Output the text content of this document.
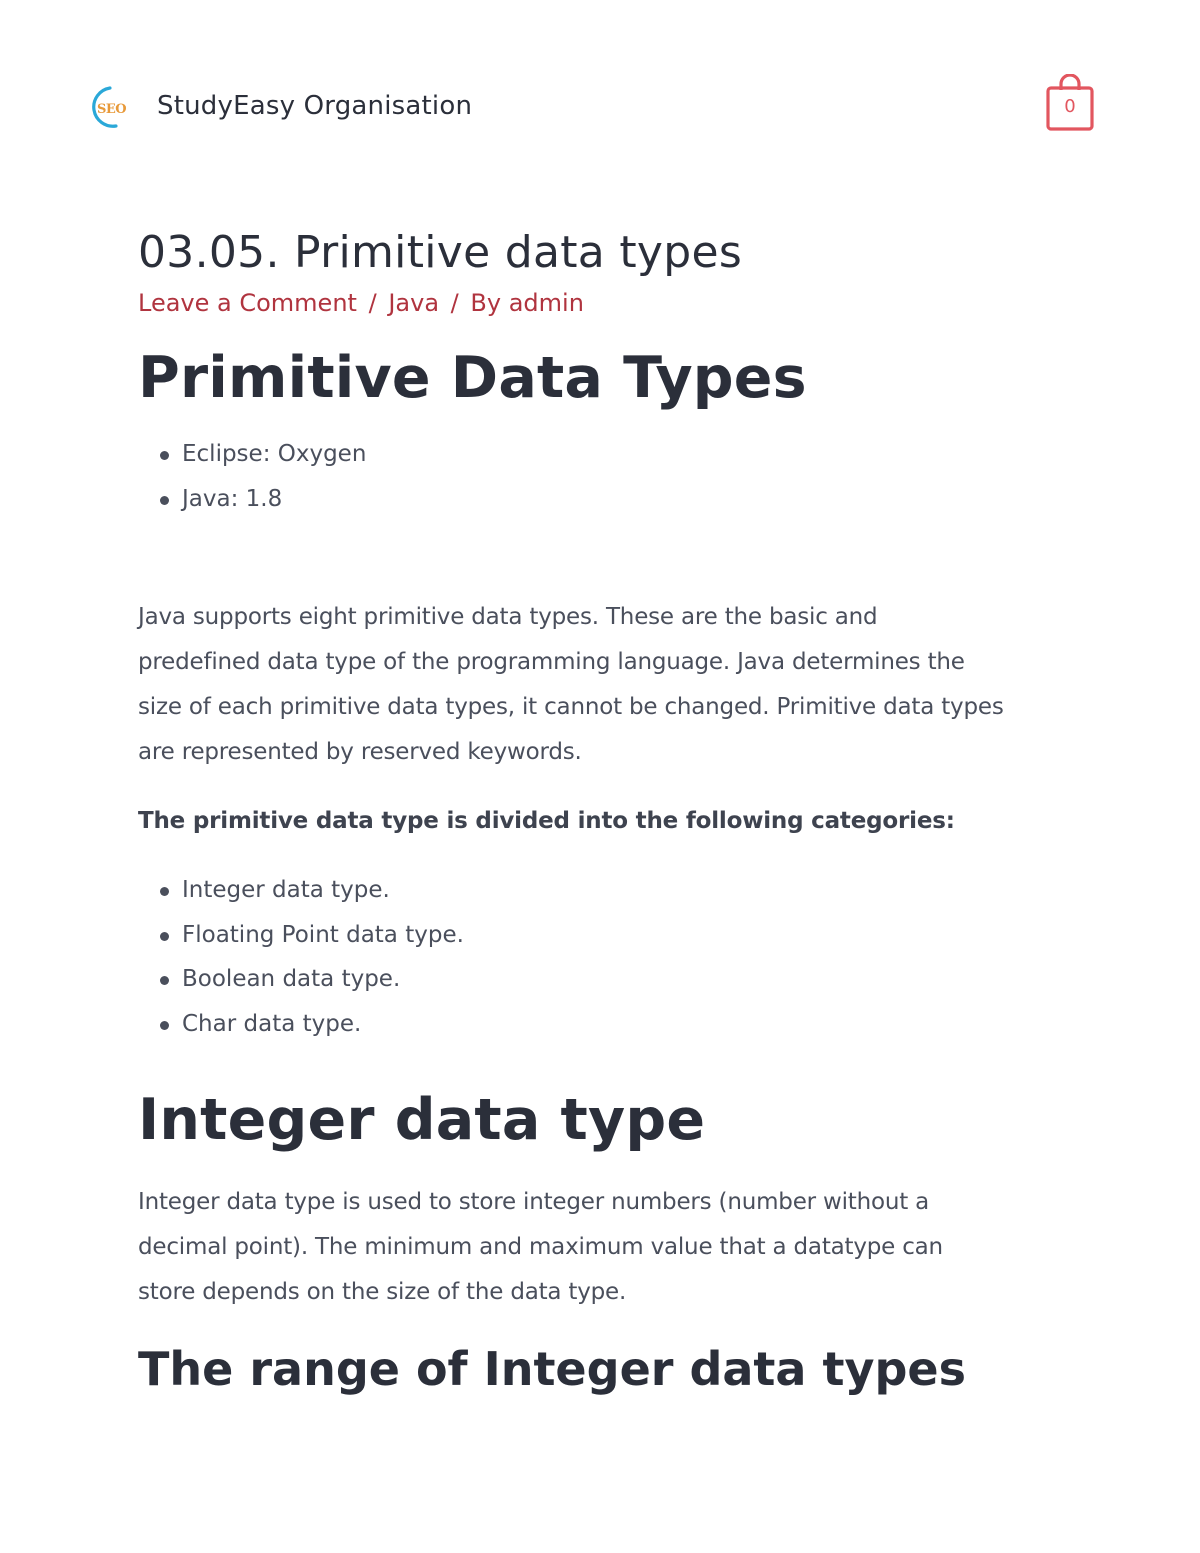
SEO StudyEasy Organisation	0
03.05. Primitive data types
Leave a Comment / Java / By admin
Primitive Data Types
Eclipse: Oxygen
Java: 1.8

Java supports eight primitive data types. These are the basic and

predefined data type of the programming language. Java determines the

size of each primitive data types, it cannot be changed. Primitive data types

are represented by reserved keywords.

The primitive data type is divided into the following categories:

Integer data type.
Floating Point data type.
Boolean data type.
Char data type.
Integer data type

Integer data type is used to store integer numbers (number without a

decimal point). The minimum and maximum value that a datatype can

store depends on the size of the data type.

The range of Integer data types
